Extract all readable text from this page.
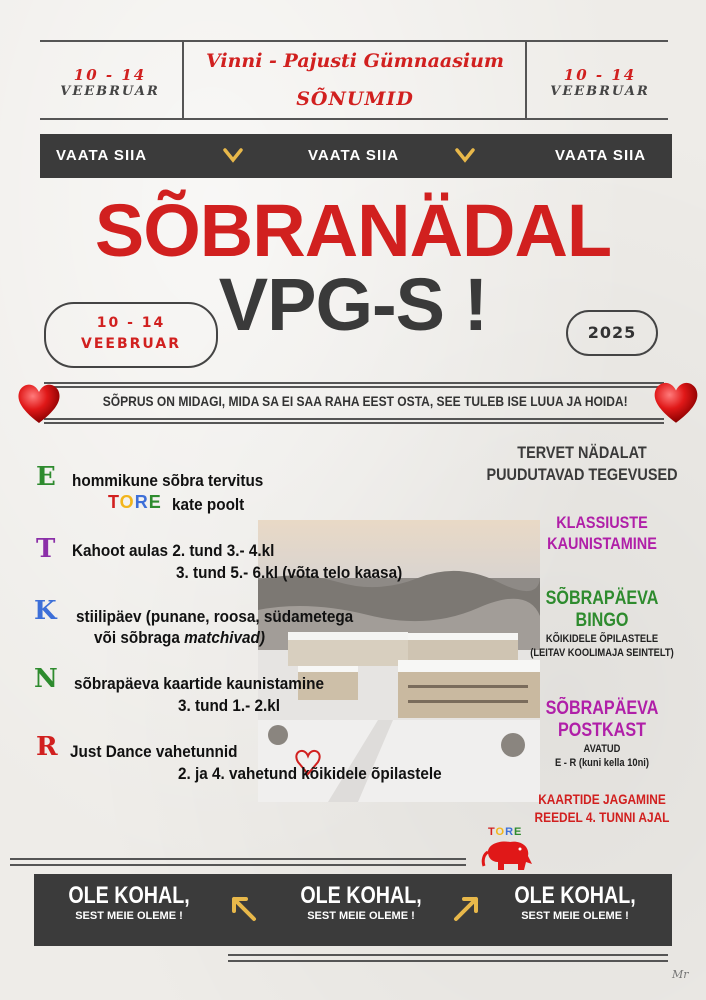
10 - 14
VEEBRUAR
10 - 14
VEEBRUAR
Vinni - Pajusti Gümnaasium
SÕNUMID
VAATA SIIA	VAATA SIIA	VAATA SIIA
SÕBRANÄDAL
VPG-S !
10 - 14
VEEBRUAR
2025
SÕPRUS ON MIDAGI, MIDA SA EI SAA RAHA EEST OSTA, SEE TULEB ISE LUUA JA HOIDA!
E hommikune sõbra tervitus
TORE kate poolt
T Kahoot aulas 2. tund 3.- 4.kl
3. tund 5.- 6.kl (võta telo kaasa)
K stiilipäev (punane, roosa, südametega
või sõbraga matchivad)
N sõbrapäeva kaartide kaunistamine
3. tund 1.- 2.kl
R Just Dance vahetunnid
2. ja 4. vahetund kõikidele õpilastele
TERVET NÄDALAT
PUUDUTAVAD TEGEVUSED
KLASSIUSTE
KAUNISTAMINE
SÕBRAPÄEVA
BINGO
KÕIKIDELE ÕPILASTELE
(LEITAV KOOLIMAJA SEINTELT)
SÕBRAPÄEVA
POSTKAST
AVATUD
E - R (kuni kella 10ni)
KAARTIDE JAGAMINE
REEDEL 4. TUNNI AJAL
TORE
OLE KOHAL,
SEST MEIE OLEME !
OLE KOHAL,
SEST MEIE OLEME !
OLE KOHAL,
SEST MEIE OLEME !
Mr
